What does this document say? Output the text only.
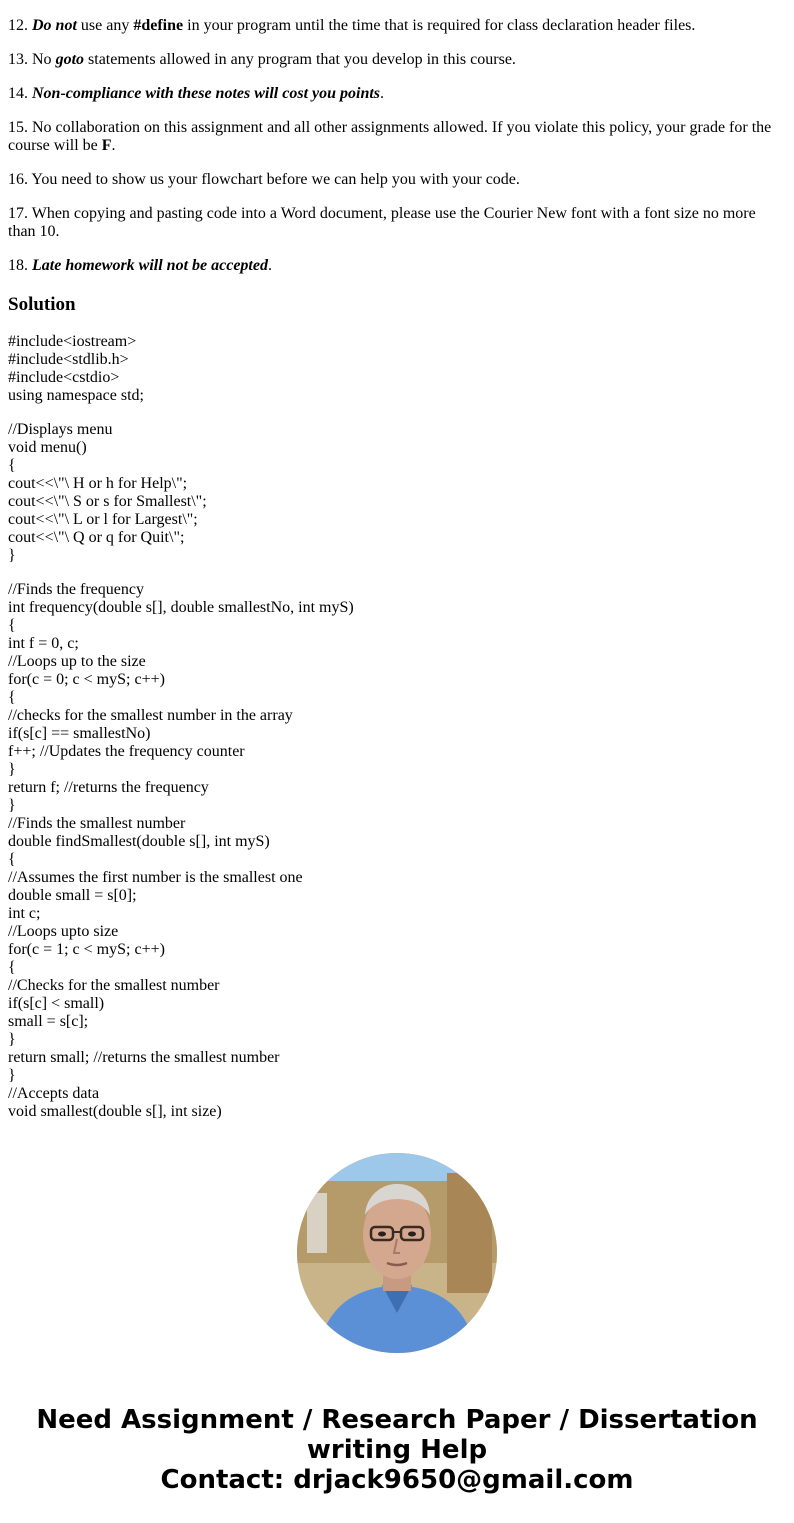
12. Do not use any #define in your program until the time that is required for class declaration header files.

13. No goto statements allowed in any program that you develop in this course.

14. Non-compliance with these notes will cost you points.

15. No collaboration on this assignment and all other assignments allowed. If you violate this policy, your grade for the course will be F.

16. You need to show us your flowchart before we can help you with your code.

17. When copying and pasting code into a Word document, please use the Courier New font with a font size no more than 10.

18. Late homework will not be accepted.

Solution
#include<iostream>
#include<stdlib.h>
#include<cstdio>
using namespace std;
//Displays menu
void menu()
{
cout<<\"\ H or h for Help\";
cout<<\"\ S or s for Smallest\";
cout<<\"\ L or l for Largest\";
cout<<\"\ Q or q for Quit\";
}
//Finds the frequency
int frequency(double s[], double smallestNo, int myS)
{
int f = 0, c;
//Loops up to the size
for(c = 0; c < myS; c++)
{
//checks for the smallest number in the array
if(s[c] == smallestNo)
f++; //Updates the frequency counter
}
return f; //returns the frequency
}
//Finds the smallest number
double findSmallest(double s[], int myS)
{
//Assumes the first number is the smallest one
double small = s[0];
int c;
//Loops upto size
for(c = 1; c < myS; c++)
{
//Checks for the smallest number
if(s[c] < small)
small = s[c];
}
return small; //returns the smallest number
}
//Accepts data
void smallest(double s[], int size)
Need Assignment / Research Paper / Dissertation
writing Help
Contact: drjack9650@gmail.com
